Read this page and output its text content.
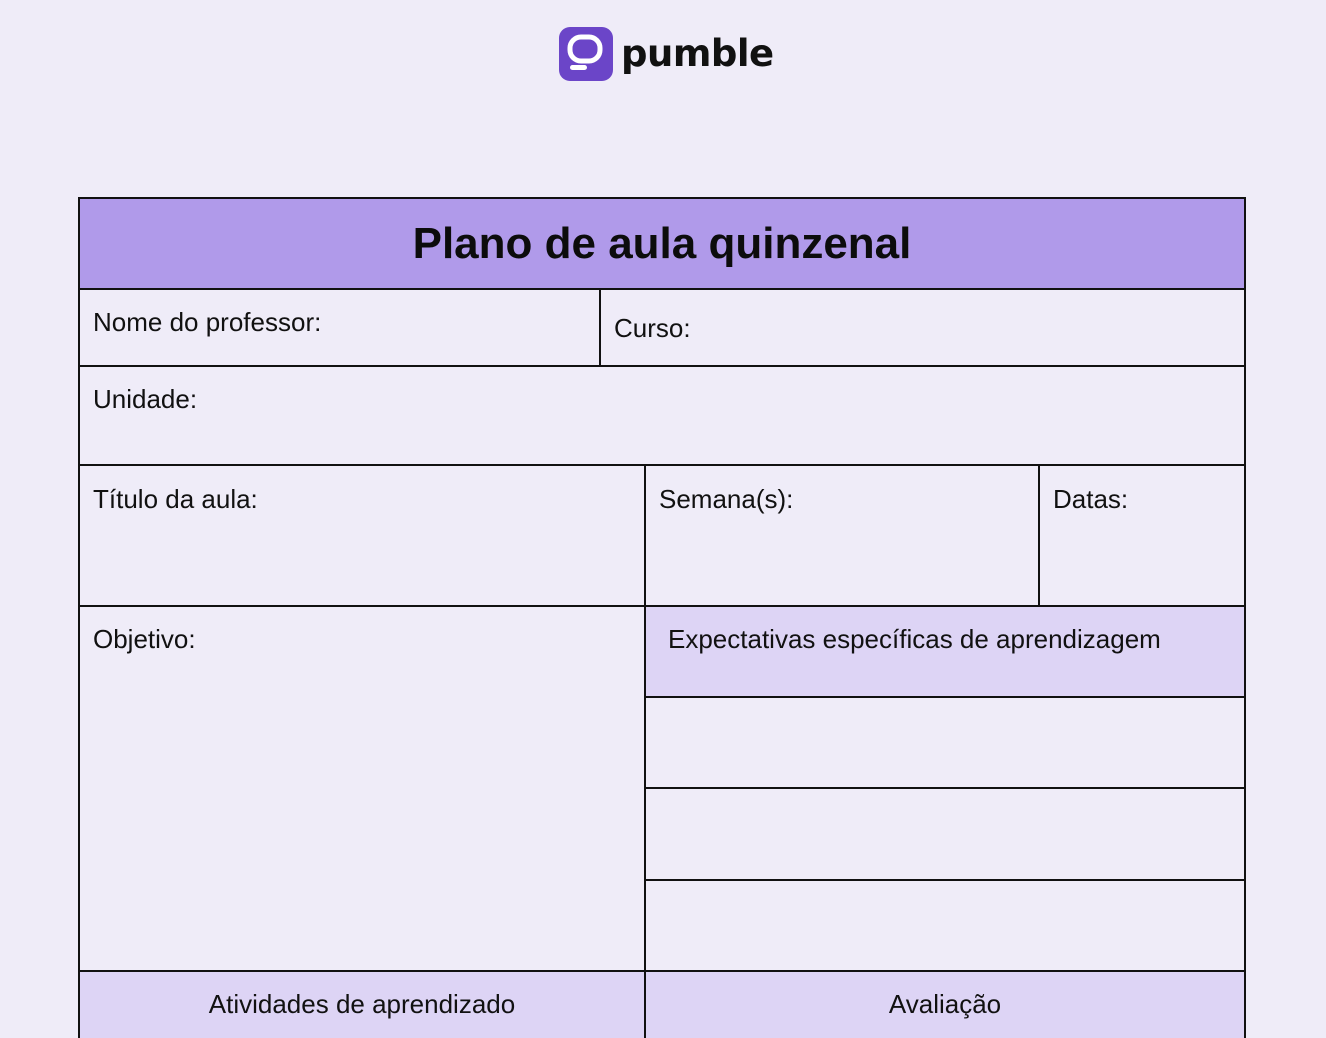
pumble
Plano de aula quinzenal
Nome do professor:	Curso:
Unidade:
Título da aula:	Semana(s):	Datas:
Objetivo:	Expectativas específicas de aprendizagem
Atividades de aprendizado	Avaliação
